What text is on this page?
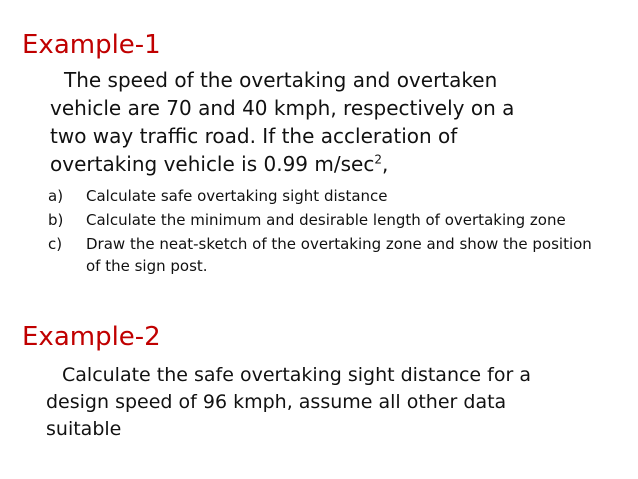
Example-1

The speed of the overtaking and overtaken
vehicle are 70 and 40 kmph, respectively on a
two way traffic road. If the accleration of
overtaking vehicle is 0.99 $m/\sec^2$,

a)	Calculate safe overtaking sight distance
b)	Calculate the minimum and desirable length of overtaking zone
c)	Draw the neat-sketch of the overtaking zone and show the position of the sign post.
Example-2

Calculate the safe overtaking sight distance for a
design speed of 96 kmph, assume all other data
suitable
